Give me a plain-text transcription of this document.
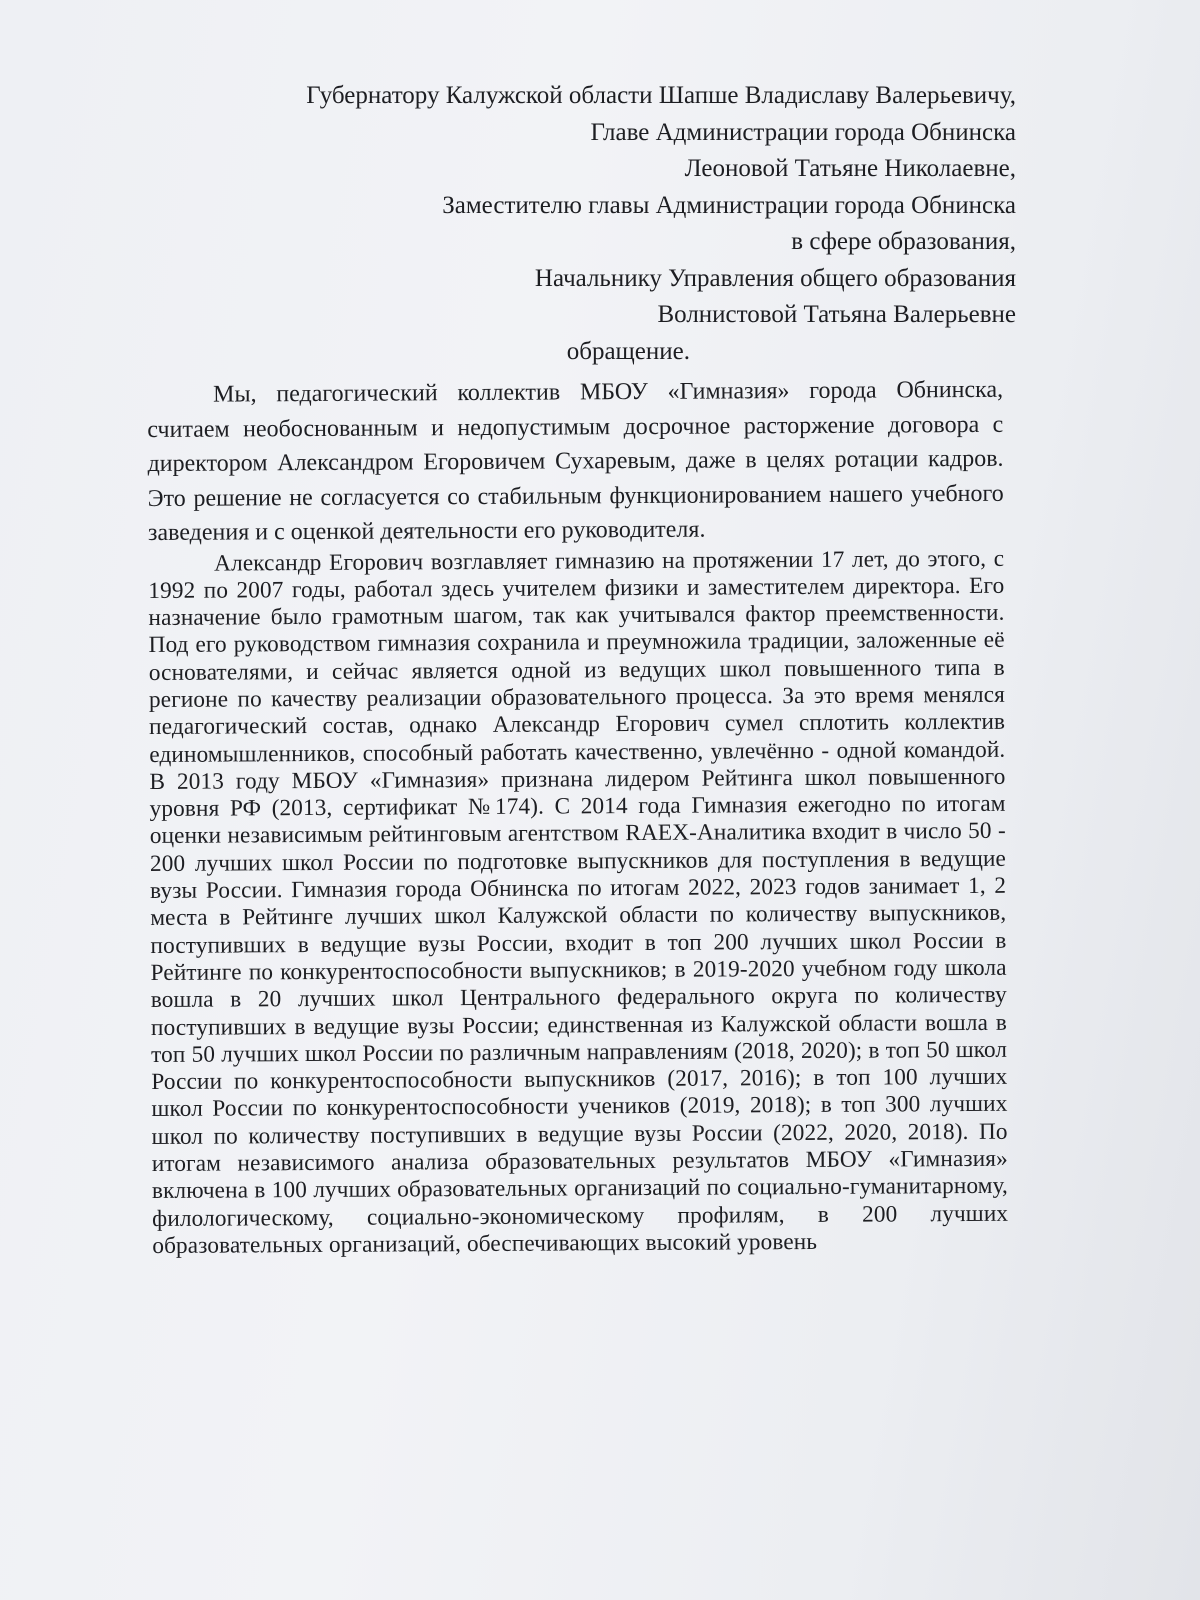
Губернатору Калужской области Шапше Владиславу Валерьевичу,
Главе Администрации города Обнинска
Леоновой Татьяне Николаевне,
Заместителю главы Администрации города Обнинска
в сфере образования,
Начальнику Управления общего образования
Волнистовой Татьяна Валерьевне
обращение.

Мы, педагогический коллектив МБОУ «Гимназия» города Обнинска, считаем необоснованным и недопустимым досрочное расторжение договора с директором Александром Егоровичем Сухаревым, даже в целях ротации кадров. Это решение не согласуется со стабильным функционированием нашего учебного заведения и с оценкой деятельности его руководителя.

Александр Егорович возглавляет гимназию на протяжении 17 лет, до этого, с 1992 по 2007 годы, работал здесь учителем физики и заместителем директора. Его назначение было грамотным шагом, так как учитывался фактор преемственности. Под его руководством гимназия сохранила и преумножила традиции, заложенные её основателями, и сейчас является одной из ведущих школ повышенного типа в регионе по качеству реализации образовательного процесса. За это время менялся педагогический состав, однако Александр Егорович сумел сплотить коллектив единомышленников, способный работать качественно, увлечённо - одной командой. В 2013 году МБОУ «Гимназия» признана лидером Рейтинга школ повышенного уровня РФ (2013, сертификат №174). С 2014 года Гимназия ежегодно по итогам оценки независимым рейтинговым агентством RAEX-Аналитика входит в число 50 - 200 лучших школ России по подготовке выпускников для поступления в ведущие вузы России. Гимназия города Обнинска по итогам 2022, 2023 годов занимает 1, 2 места в Рейтинге лучших школ Калужской области по количеству выпускников, поступивших в ведущие вузы России, входит в топ 200 лучших школ России в Рейтинге по конкурентоспособности выпускников; в 2019-2020 учебном году школа вошла в 20 лучших школ Центрального федерального округа по количеству поступивших в ведущие вузы России; единственная из Калужской области вошла в топ 50 лучших школ России по различным направлениям (2018, 2020); в топ 50 школ России по конкурентоспособности выпускников (2017, 2016); в топ 100 лучших школ России по конкурентоспособности учеников (2019, 2018); в топ 300 лучших школ по количеству поступивших в ведущие вузы России (2022, 2020, 2018). По итогам независимого анализа образовательных результатов МБОУ «Гимназия» включена в 100 лучших образовательных организаций по социально-гуманитарному, филологическому, социально-экономическому профилям, в 200 лучших образовательных организаций, обеспечивающих высокий уровень
